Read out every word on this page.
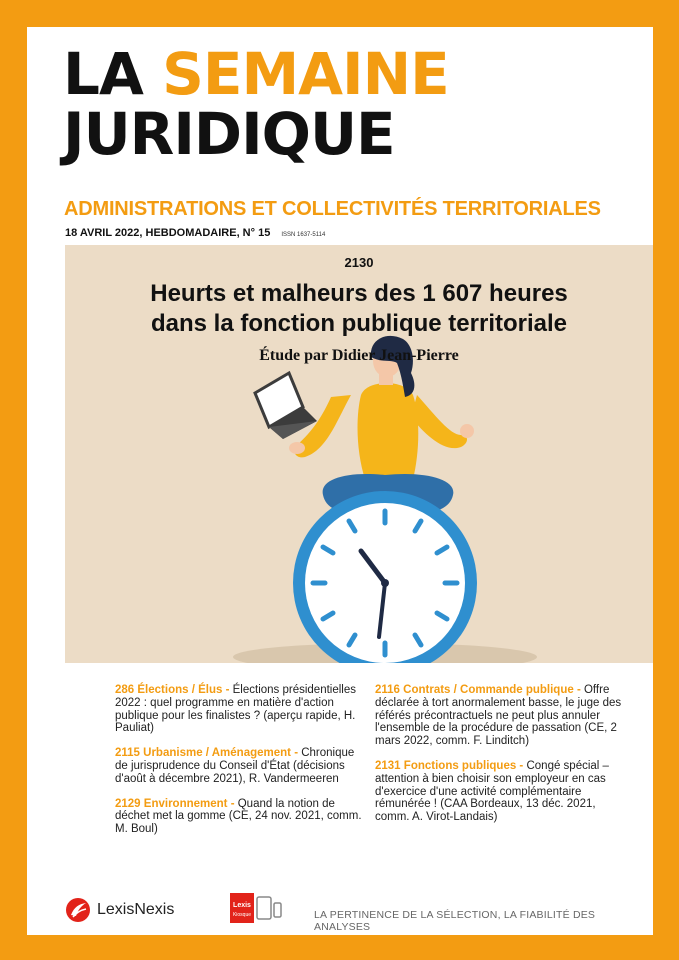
LA SEMAINE
JURIDIQUE
ADMINISTRATIONS ET COLLECTIVITÉS TERRITORIALES
18 AVRIL 2022, HEBDOMADAIRE, N° 15 ISSN 1637-5114
2130
Heurts et malheurs des 1 607 heures
dans la fonction publique territoriale
Étude par Didier Jean-Pierre
286 Élections / Élus - Élections présidentielles 2022 : quel programme en matière d'action publique pour les finalistes ? (aperçu rapide, H. Pauliat)
2115 Urbanisme / Aménagement - Chronique de jurisprudence du Conseil d'État (décisions d'août à décembre 2021), R. Vandermeeren
2129 Environnement - Quand la notion de déchet met la gomme (CE, 24 nov. 2021, comm. M. Boul)
2116 Contrats / Commande publique - Offre déclarée à tort anormalement basse, le juge des référés précontractuels ne peut plus annuler l'ensemble de la procédure de passation (CE, 2 mars 2022, comm. F. Linditch)
2131 Fonctions publiques - Congé spécial – attention à bien choisir son employeur en cas d'exercice d'une activité complémentaire rémunérée ! (CAA Bordeaux, 13 déc. 2021, comm. A. Virot-Landais)
LexisNexis	Lexis
Kiosque	LA PERTINENCE DE LA SÉLECTION, LA FIABILITÉ DES ANALYSES
